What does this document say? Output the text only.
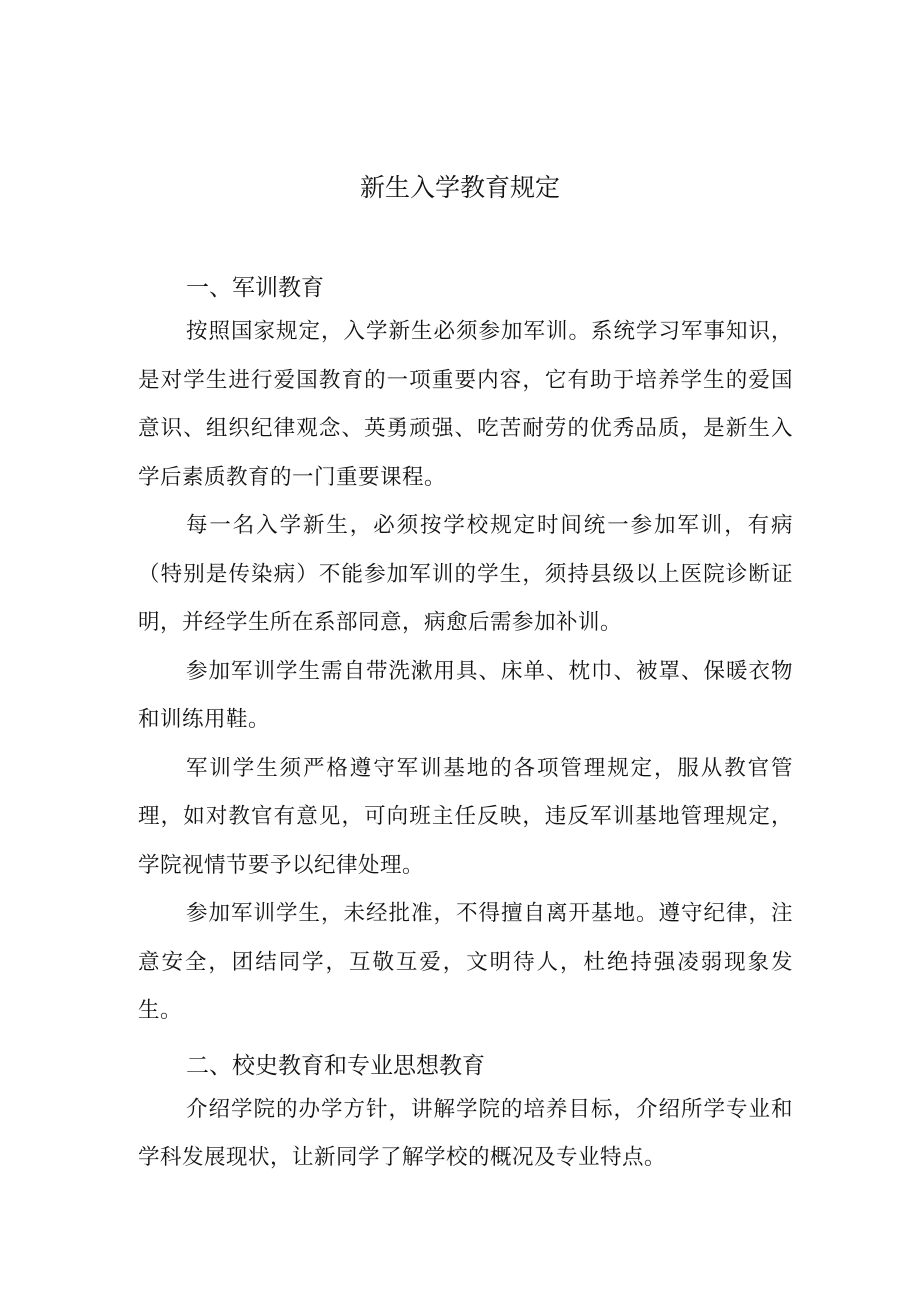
新生入学教育规定
一、军训教育

按照国家规定，入学新生必须参加军训。系统学习军事知识，是对学生进行爱国教育的一项重要内容，它有助于培养学生的爱国意识、组织纪律观念、英勇顽强、吃苦耐劳的优秀品质，是新生入学后素质教育的一门重要课程。

每一名入学新生，必须按学校规定时间统一参加军训，有病（特别是传染病）不能参加军训的学生，须持县级以上医院诊断证明，并经学生所在系部同意，病愈后需参加补训。

参加军训学生需自带洗漱用具、床单、枕巾、被罩、保暖衣物和训练用鞋。

军训学生须严格遵守军训基地的各项管理规定，服从教官管理，如对教官有意见，可向班主任反映，违反军训基地管理规定，学院视情节要予以纪律处理。

参加军训学生，未经批准，不得擅自离开基地。遵守纪律，注意安全，团结同学，互敬互爱，文明待人，杜绝持强凌弱现象发生。

二、校史教育和专业思想教育

介绍学院的办学方针，讲解学院的培养目标，介绍所学专业和学科发展现状，让新同学了解学校的概况及专业特点。
